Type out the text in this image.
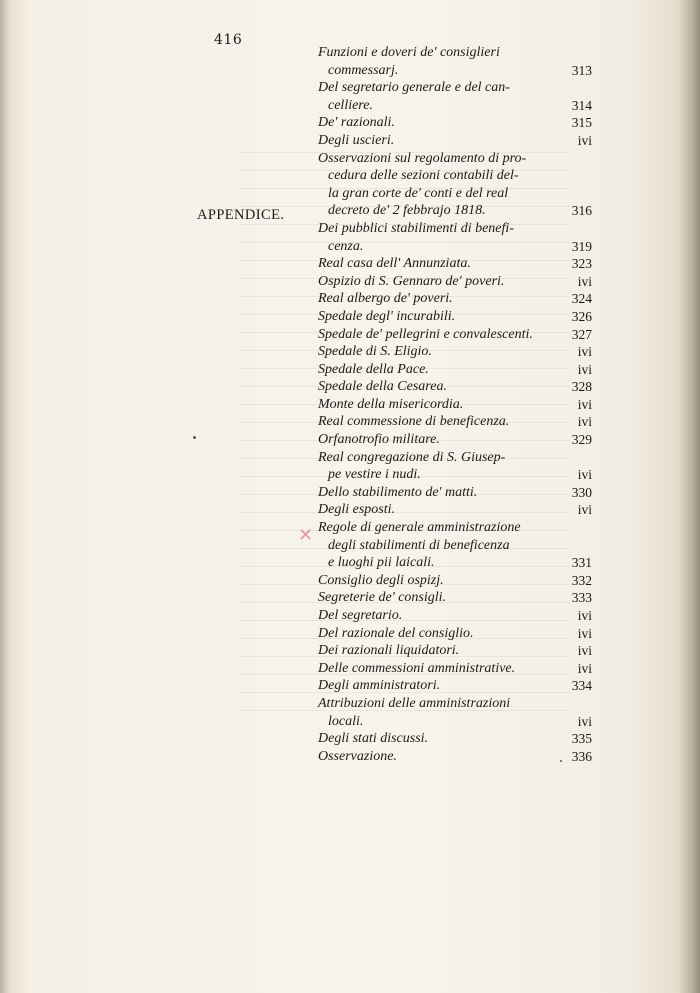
416
APPENDICE.
Funzioni e doveri de' consiglieri
commessarj.	313
Del segretario generale e del can-
celliere.	314
De' razionali.	315
Degli uscieri.	ivi
Osservazioni sul regolamento di pro-
cedura delle sezioni contabili del-
la gran corte de' conti e del real
decreto de' 2 febbrajo 1818.	316
Dei pubblici stabilimenti di benefi-
cenza.	319
Real casa dell' Annunziata.	323
Ospizio di S. Gennaro de' poveri.	ivi
Real albergo de' poveri.	324
Spedale degl' incurabili.	326
Spedale de' pellegrini e convalescenti.	327
Spedale di S. Eligio.	ivi
Spedale della Pace.	ivi
Spedale della Cesarea.	328
Monte della misericordia.	ivi
Real commessione di beneficenza.	ivi
Orfanotrofio militare.	329
Real congregazione di S. Giusep-
pe vestire i nudi.	ivi
Dello stabilimento de' matti.	330
Degli esposti.	ivi
Regole di generale amministrazione
degli stabilimenti di beneficenza
e luoghi pii laicali.	331
Consiglio degli ospizj.	332
Segreterie de' consigli.	333
Del segretario.	ivi
Del razionale del consiglio.	ivi
Dei razionali liquidatori.	ivi
Delle commessioni amministrative.	ivi
Degli amministratori.	334
Attribuzioni delle amministrazioni
locali.	ivi
Degli stati discussi.	335
Osservazione.	336
✕
